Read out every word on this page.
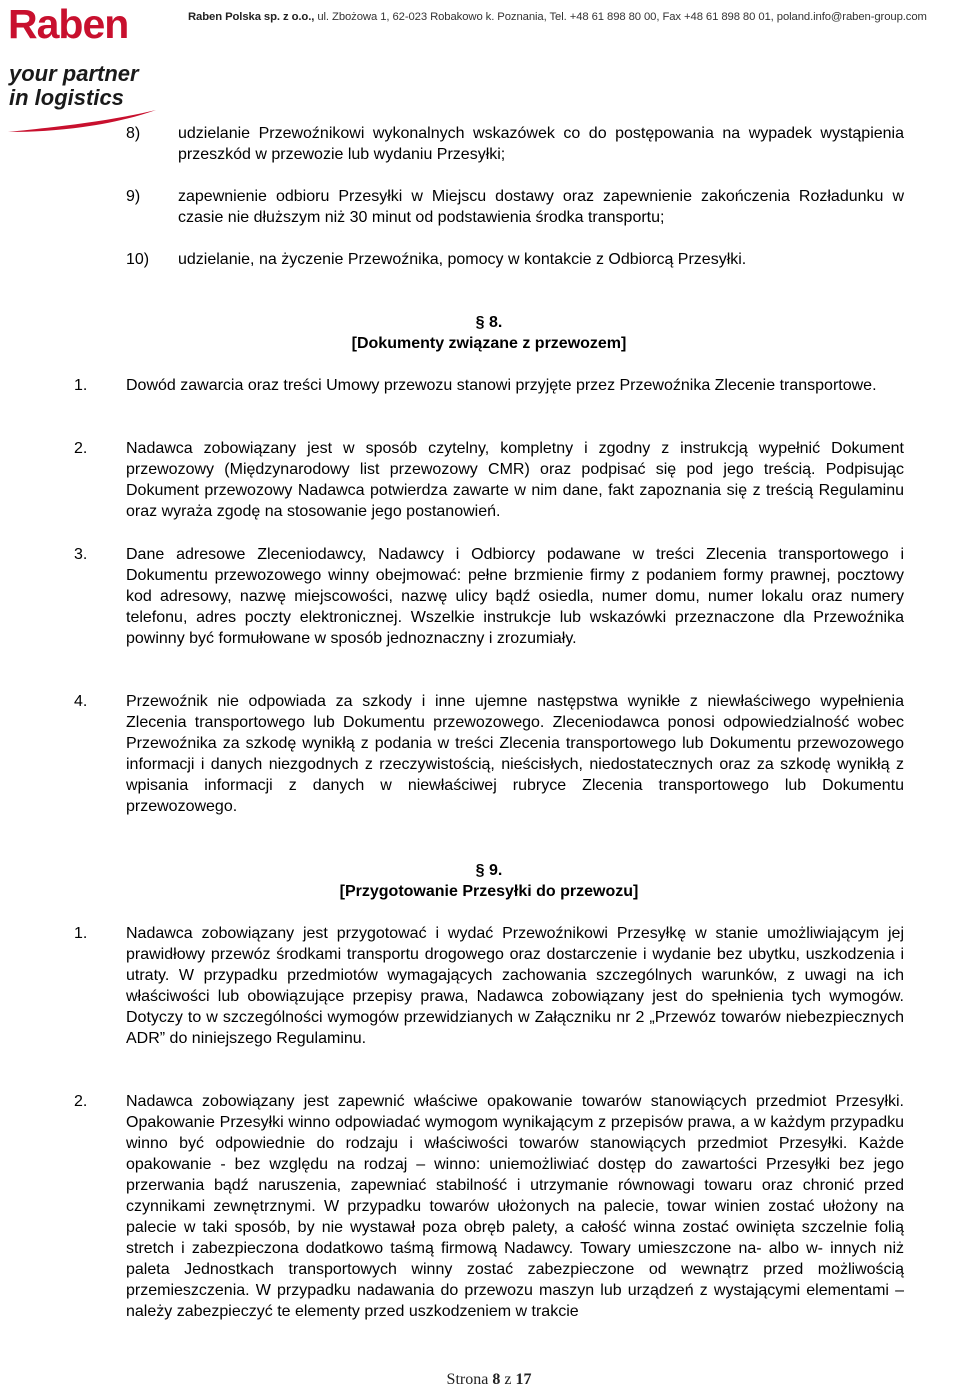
Raben

your partner
in logistics

Raben Polska sp. z o.o., ul. Zbożowa 1, 62-023 Robakowo k. Poznania, Tel. +48 61 898 80 00, Fax +48 61 898 80 01, poland.info@raben-group.com

8) udzielanie Przewoźnikowi wykonalnych wskazówek co do postępowania na wypadek wystąpienia przeszkód w przewozie lub wydaniu Przesyłki;
9) zapewnienie odbioru Przesyłki w Miejscu dostawy oraz zapewnienie zakończenia Rozładunku w czasie nie dłuższym niż 30 minut od podstawienia środka transportu;
10) udzielanie, na życzenie Przewoźnika, pomocy w kontakcie z Odbiorcą Przesyłki.
§ 8.
[Dokumenty związane z przewozem]
1. Dowód zawarcia oraz treści Umowy przewozu stanowi przyjęte przez Przewoźnika Zlecenie transportowe.
2. Nadawca zobowiązany jest w sposób czytelny, kompletny i zgodny z instrukcją wypełnić Dokument przewozowy (Międzynarodowy list przewozowy CMR) oraz podpisać się pod jego treścią. Podpisując Dokument przewozowy Nadawca potwierdza zawarte w nim dane, fakt zapoznania się z treścią Regulaminu oraz wyraża zgodę na stosowanie jego postanowień.
3. Dane adresowe Zleceniodawcy, Nadawcy i Odbiorcy podawane w treści Zlecenia transportowego i Dokumentu przewozowego winny obejmować: pełne brzmienie firmy z podaniem formy prawnej, pocztowy kod adresowy, nazwę miejscowości, nazwę ulicy bądź osiedla, numer domu, numer lokalu oraz numery telefonu, adres poczty elektronicznej. Wszelkie instrukcje lub wskazówki przeznaczone dla Przewoźnika powinny być formułowane w sposób jednoznaczny i zrozumiały.
4. Przewoźnik nie odpowiada za szkody i inne ujemne następstwa wynikłe z niewłaściwego wypełnienia Zlecenia transportowego lub Dokumentu przewozowego. Zleceniodawca ponosi odpowiedzialność wobec Przewoźnika za szkodę wynikłą z podania w treści Zlecenia transportowego lub Dokumentu przewozowego informacji i danych niezgodnych z rzeczywistością, nieścisłych, niedostatecznych oraz za szkodę wynikłą z wpisania informacji z danych w niewłaściwej rubryce Zlecenia transportowego lub Dokumentu przewozowego.
§ 9.
[Przygotowanie Przesyłki do przewozu]
1. Nadawca zobowiązany jest przygotować i wydać Przewoźnikowi Przesyłkę w stanie umożliwiającym jej prawidłowy przewóz środkami transportu drogowego oraz dostarczenie i wydanie bez ubytku, uszkodzenia i utraty. W przypadku przedmiotów wymagających zachowania szczególnych warunków, z uwagi na ich właściwości lub obowiązujące przepisy prawa, Nadawca zobowiązany jest do spełnienia tych wymogów. Dotyczy to w szczególności wymogów przewidzianych w Załączniku nr 2 „Przewóz towarów niebezpiecznych ADR” do niniejszego Regulaminu.
2. Nadawca zobowiązany jest zapewnić właściwe opakowanie towarów stanowiących przedmiot Przesyłki. Opakowanie Przesyłki winno odpowiadać wymogom wynikającym z przepisów prawa, a w każdym przypadku winno być odpowiednie do rodzaju i właściwości towarów stanowiących przedmiot Przesyłki. Każde opakowanie - bez względu na rodzaj – winno: uniemożliwiać dostęp do zawartości Przesyłki bez jego przerwania bądź naruszenia, zapewniać stabilność i utrzymanie równowagi towaru oraz chronić przed czynnikami zewnętrznymi. W przypadku towarów ułożonych na palecie, towar winien zostać ułożony na palecie w taki sposób, by nie wystawał poza obręb palety, a całość winna zostać owinięta szczelnie folią stretch i zabezpieczona dodatkowo taśmą firmową Nadawcy. Towary umieszczone na- albo w- innych niż paleta Jednostkach transportowych winny zostać zabezpieczone od wewnątrz przed możliwością przemieszczenia. W przypadku nadawania do przewozu maszyn lub urządzeń z wystającymi elementami – należy zabezpieczyć te elementy przed uszkodzeniem w trakcie
Strona 8 z 17
